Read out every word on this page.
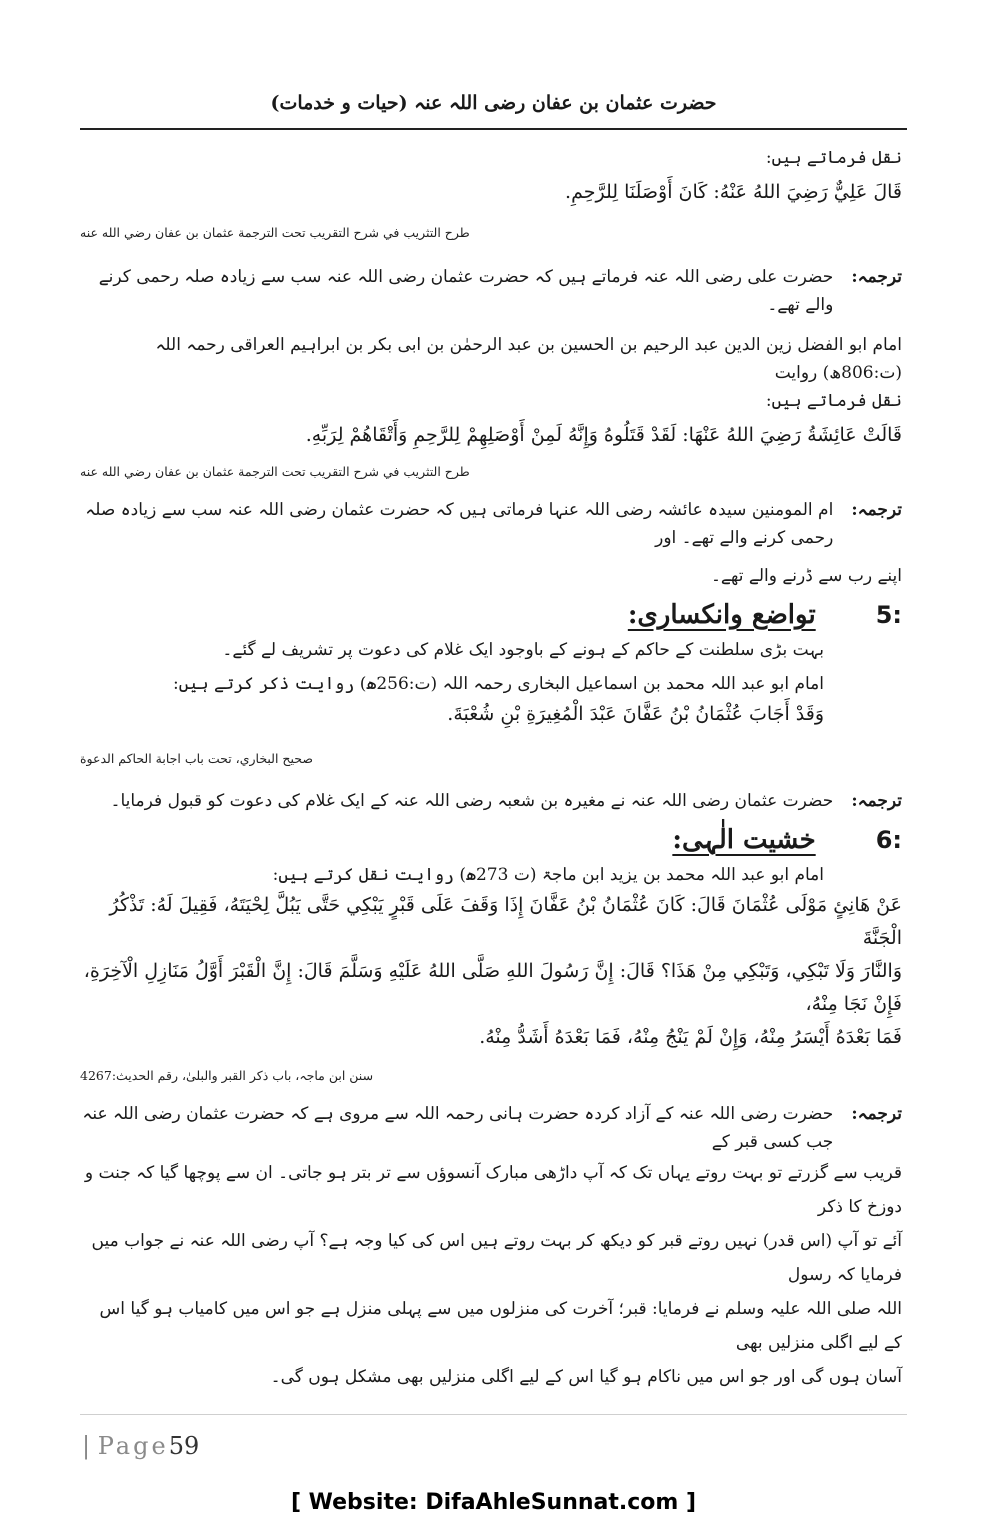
حضرت عثمان بن عفان رضی اللہ عنہ (حیات و خدمات)

نقل فرماتے ہیں:

قَالَ عَلِيٌّ رَضِيَ اللهُ عَنْهُ: كَانَ أَوْصَلَنَا لِلرَّحِمِ.

طرح التثريب في شرح التقريب تحت الترجمة عثمان بن عفان رضي الله عنه

ترجمہ:
حضرت علی رضی اللہ عنہ فرماتے ہیں کہ حضرت عثمان رضی اللہ عنہ سب سے زیادہ صلہ رحمی کرنے والے تھے۔

امام ابو الفضل زین الدین عبد الرحیم بن الحسین بن عبد الرحمٰن بن ابی بکر بن ابراہیم العراقی رحمہ اللہ (ت:806ھ) روایت

نقل فرماتے ہیں:

قَالَتْ عَائِشَةُ رَضِيَ اللهُ عَنْهَا: لَقَدْ قَتَلُوهُ وَإِنَّهُ لَمِنْ أَوْصَلِهِمْ لِلرَّحِمِ وَأَتْقَاهُمْ لِرَبِّهِ.

طرح التثريب في شرح التقريب تحت الترجمة عثمان بن عفان رضي الله عنه

ترجمہ:
ام المومنین سیدہ عائشہ رضی اللہ عنہا فرماتی ہیں کہ حضرت عثمان رضی اللہ عنہ سب سے زیادہ صلہ رحمی کرنے والے تھے۔ اور

اپنے رب سے ڈرنے والے تھے۔

:5
تواضع وانکساری:

بہت بڑی سلطنت کے حاکم کے ہونے کے باوجود ایک غلام کی دعوت پر تشریف لے گئے۔

امام ابو عبد اللہ محمد بن اسماعیل البخاری رحمہ اللہ (ت:256ھ) روایت ذکر کرتے ہیں:

وَقَدْ أَجَابَ عُثْمَانُ بْنُ عَفَّانَ عَبْدَ الْمُغِيرَةِ بْنِ شُعْبَةَ.

صحيح البخاري، تحت باب اجابة الحاكم الدعوة

ترجمہ:
حضرت عثمان رضی اللہ عنہ نے مغیرہ بن شعبہ رضی اللہ عنہ کے ایک غلام کی دعوت کو قبول فرمایا۔
:6
خشیت الٰہی:

امام ابو عبد اللہ محمد بن یزید ابن ماجۃ (ت 273ھ) روایت نقل کرتے ہیں:

عَنْ هَانِئٍ مَوْلَى عُثْمَانَ قَالَ: كَانَ عُثْمَانُ بْنُ عَفَّانَ إِذَا وَقَفَ عَلَى قَبْرٍ يَبْكِي حَتَّى يَبُلَّ لِحْيَتَهُ، فَقِيلَ لَهُ: تَذْكُرُ الْجَنَّةَ

وَالنَّارَ وَلَا تَبْكِي، وَتَبْكِي مِنْ هَذَا؟ قَالَ: إِنَّ رَسُولَ اللهِ صَلَّى اللهُ عَلَيْهِ وَسَلَّمَ قَالَ: إِنَّ الْقَبْرَ أَوَّلُ مَنَازِلِ الْآخِرَةِ، فَإِنْ نَجَا مِنْهُ،

فَمَا بَعْدَهُ أَيْسَرُ مِنْهُ، وَإِنْ لَمْ يَنْجُ مِنْهُ، فَمَا بَعْدَهُ أَشَدُّ مِنْهُ.

سنن ابن ماجہ، باب ذکر القبر والبلیٰ، رقم الحدیث:4267

ترجمہ:
حضرت رضی اللہ عنہ کے آزاد کردہ حضرت ہانی رحمہ اللہ سے مروی ہے کہ حضرت عثمان رضی اللہ عنہ جب کسی قبر کے

قریب سے گزرتے تو بہت روتے یہاں تک کہ آپ داڑھی مبارک آنسوؤں سے تر بتر ہو جاتی۔ ان سے پوچھا گیا کہ جنت و دوزخ کا ذکر

آئے تو آپ (اس قدر) نہیں روتے قبر کو دیکھ کر بہت روتے ہیں اس کی کیا وجہ ہے؟ آپ رضی اللہ عنہ نے جواب میں فرمایا کہ رسول

اللہ صلی اللہ علیہ وسلم نے فرمایا: قبر؛ آخرت کی منزلوں میں سے پہلی منزل ہے جو اس میں کامیاب ہو گیا اس کے لیے اگلی منزلیں بھی

آسان ہوں گی اور جو اس میں ناکام ہو گیا اس کے لیے اگلی منزلیں بھی مشکل ہوں گی۔

| Page59
[ Website: DifaAhleSunnat.com ]
